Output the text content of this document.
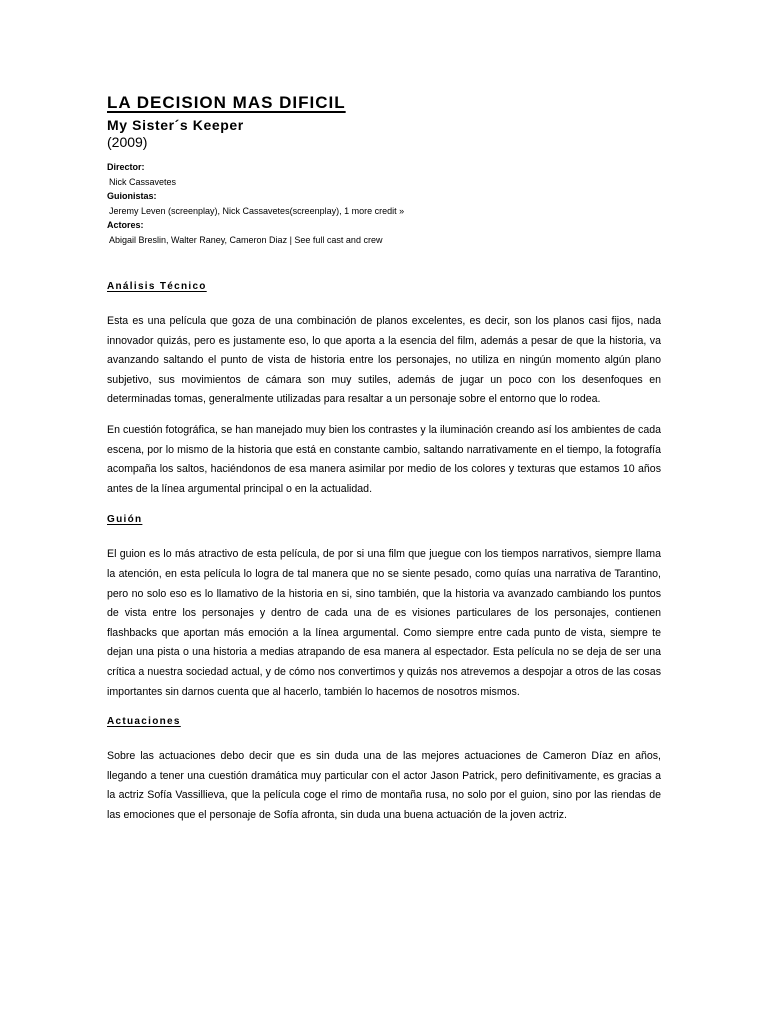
LA DECISION MAS DIFICIL
My Sister´s Keeper
(2009)
Director:
Nick Cassavetes
Guionistas:
Jeremy Leven (screenplay), Nick Cassavetes(screenplay), 1 more credit »
Actores:
Abigail Breslin, Walter Raney, Cameron Diaz | See full cast and crew
Análisis Técnico

Esta es una película que goza de una combinación de planos excelentes, es decir, son los planos casi fijos, nada innovador quizás, pero es justamente eso, lo que aporta a la esencia del film, además a pesar de que la historia, va avanzando saltando el punto de vista de historia entre los personajes, no utiliza en ningún momento algún plano subjetivo, sus movimientos de cámara son muy sutiles, además de jugar un poco con los desenfoques en determinadas tomas, generalmente utilizadas para resaltar a un personaje sobre el entorno que lo rodea.

En cuestión fotográfica, se han manejado muy bien los contrastes y la iluminación creando así los ambientes de cada escena, por lo mismo de la historia que está en constante cambio, saltando narrativamente en el tiempo, la fotografía acompaña los saltos, haciéndonos de esa manera asimilar por medio de los colores y texturas que estamos 10 años antes de la línea argumental principal o en la actualidad.

Guión

El guion es lo más atractivo de esta película, de por si una film que juegue con los tiempos narrativos, siempre llama la atención, en esta película lo logra de tal manera que no se siente pesado, como quías una narrativa de Tarantino, pero no solo eso es lo llamativo de la historia en si, sino también, que la historia va avanzado cambiando los puntos de vista entre los personajes y dentro de cada una de es visiones particulares de los personajes, contienen flashbacks que aportan más emoción a la línea argumental. Como siempre entre cada punto de vista, siempre te dejan una pista o una historia a medias atrapando de esa manera al espectador. Esta película no se deja de ser una crítica a nuestra sociedad actual, y de cómo nos convertimos y quizás nos atrevemos a despojar a otros de las cosas importantes sin darnos cuenta que al hacerlo, también lo hacemos de nosotros mismos.

Actuaciones

Sobre las actuaciones debo decir que es sin duda una de las mejores actuaciones de Cameron Díaz en años, llegando a tener una cuestión dramática muy particular con el actor Jason Patrick, pero definitivamente, es gracias a la actriz Sofía Vassillieva, que la película coge el rimo de montaña rusa, no solo por el guion, sino por las riendas de las emociones que el personaje de Sofía afronta, sin duda una buena actuación de la joven actriz.
